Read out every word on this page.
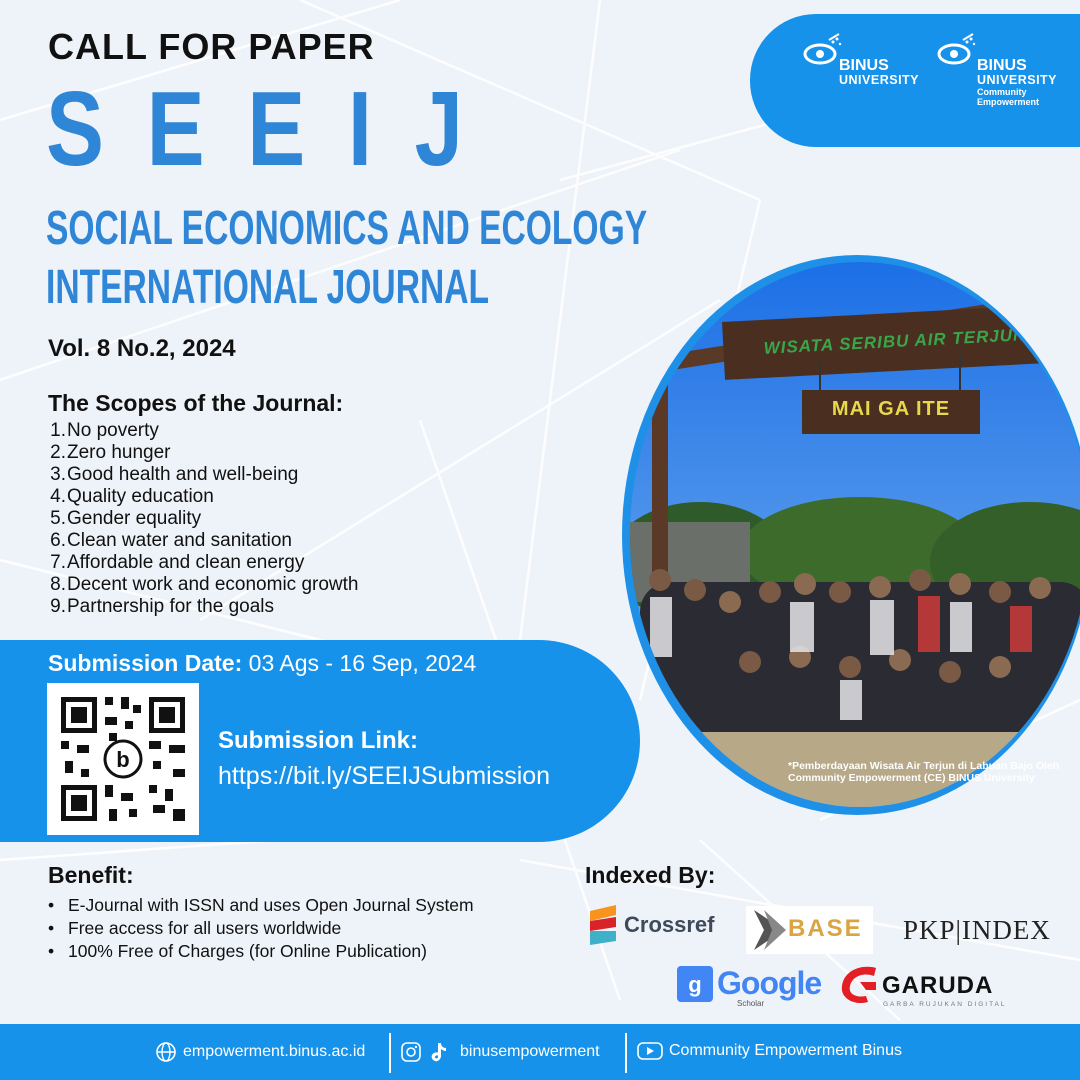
CALL FOR PAPER
SEEIJ
SOCIAL ECONOMICS AND ECOLOGY
INTERNATIONAL JOURNAL
Vol. 8 No.2, 2024
The Scopes of the Journal:
1.No poverty
2.Zero hunger
3.Good health and well-being
4.Quality education
5.Gender equality
6.Clean water and sanitation
7.Affordable and clean energy
8.Decent work and economic growth
9.Partnership for the goals
BINUS
UNIVERSITY
BINUS
UNIVERSITY
Community
Empowerment
WISATA SERIBU AIR TERJUN
MAI GA ITE
*Pemberdayaan Wisata Air Terjun di Labuan Bajo Oleh
Community Empowerment (CE) BINUS University
Submission Date: 03 Ags - 16 Sep, 2024
b
Submission Link:
https://bit.ly/SEEIJSubmission
Benefit:
• E-Journal with ISSN and uses Open Journal System
• Free access for all users worldwide
• 100% Free of Charges (for Online Publication)
Indexed By:
Crossref	BASE PKP|INDEX
g Google
Scholar
GARUDA
GARBA RUJUKAN DIGITAL
empowerment.binus.ac.id	binusempowerment	Community Empowerment Binus
